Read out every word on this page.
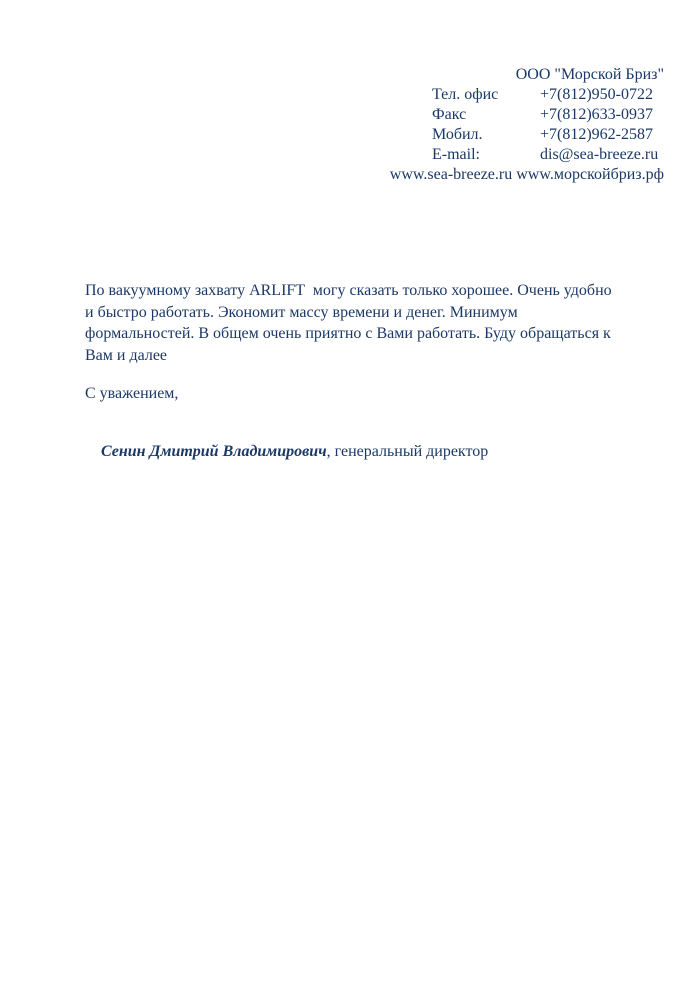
ООО "Морской Бриз"
Тел. офис	+7(812)950-0722
Факс	+7(812)633-0937
Мобил.	+7(812)962-2587
E-mail:	dis@sea-breeze.ru
www.sea-breeze.ru www.морскойбриз.рф
По вакуумному захвату ARLIFT  могу сказать только хорошее. Очень удобно
и быстро работать. Экономит массу времени и денег. Минимум
формальностей. В общем очень приятно с Вами работать. Буду обращаться к
Вам и далее
С уважением,

Сенин Дмитрий Владимирович, генеральный директор
